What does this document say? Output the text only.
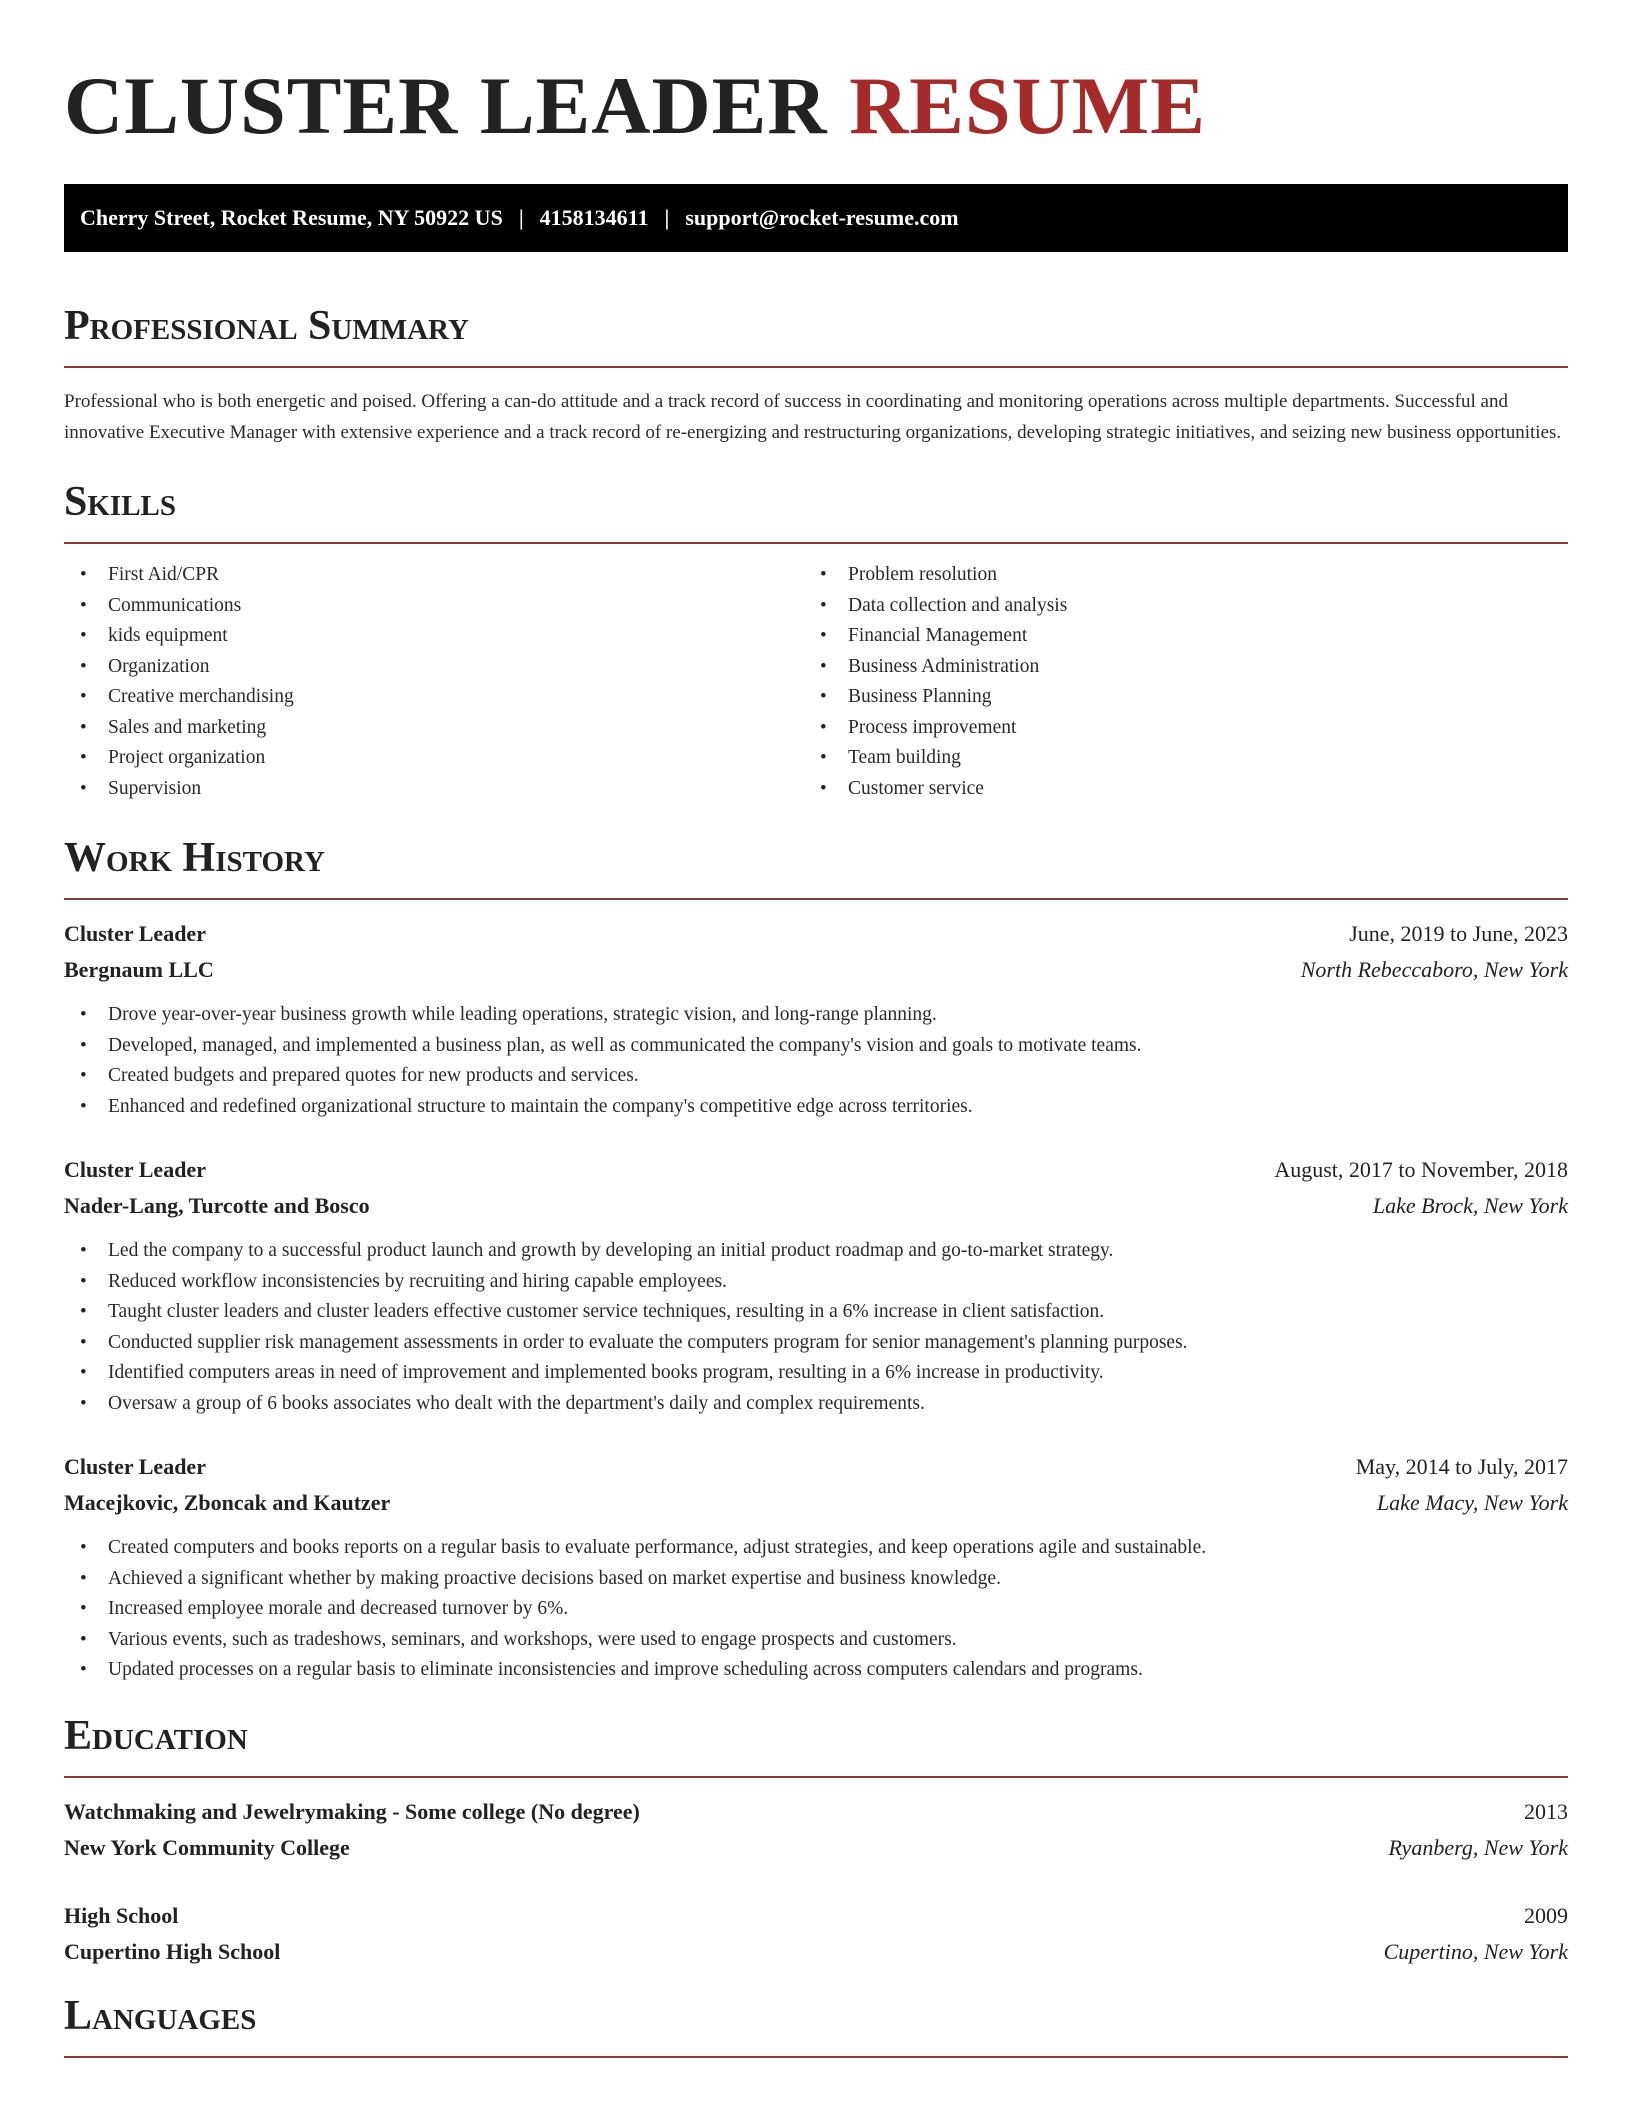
CLUSTER LEADER RESUME
Cherry Street, Rocket Resume, NY 50922 US | 4158134611 | support@rocket-resume.com
Professional Summary

Professional who is both energetic and poised. Offering a can-do attitude and a track record of success in coordinating and monitoring operations across multiple departments. Successful and innovative Executive Manager with extensive experience and a track record of re-energizing and restructuring organizations, developing strategic initiatives, and seizing new business opportunities.

Skills
• First Aid/CPR
• Communications
• kids equipment
• Organization
• Creative merchandising
• Sales and marketing
• Project organization
• Supervision
• Problem resolution
• Data collection and analysis
• Financial Management
• Business Administration
• Business Planning
• Process improvement
• Team building
• Customer service
Work History
Cluster Leader	June, 2019 to June, 2023
Bergnaum LLC	North Rebeccaboro, New York
• Drove year-over-year business growth while leading operations, strategic vision, and long-range planning.
• Developed, managed, and implemented a business plan, as well as communicated the company's vision and goals to motivate teams.
• Created budgets and prepared quotes for new products and services.
• Enhanced and redefined organizational structure to maintain the company's competitive edge across territories.
Cluster Leader	August, 2017 to November, 2018
Nader-Lang, Turcotte and Bosco	Lake Brock, New York
• Led the company to a successful product launch and growth by developing an initial product roadmap and go-to-market strategy.
• Reduced workflow inconsistencies by recruiting and hiring capable employees.
• Taught cluster leaders and cluster leaders effective customer service techniques, resulting in a 6% increase in client satisfaction.
• Conducted supplier risk management assessments in order to evaluate the computers program for senior management's planning purposes.
• Identified computers areas in need of improvement and implemented books program, resulting in a 6% increase in productivity.
• Oversaw a group of 6 books associates who dealt with the department's daily and complex requirements.
Cluster Leader	May, 2014 to July, 2017
Macejkovic, Zboncak and Kautzer	Lake Macy, New York
• Created computers and books reports on a regular basis to evaluate performance, adjust strategies, and keep operations agile and sustainable.
• Achieved a significant whether by making proactive decisions based on market expertise and business knowledge.
• Increased employee morale and decreased turnover by 6%.
• Various events, such as tradeshows, seminars, and workshops, were used to engage prospects and customers.
• Updated processes on a regular basis to eliminate inconsistencies and improve scheduling across computers calendars and programs.
Education
Watchmaking and Jewelrymaking - Some college (No degree)	2013
New York Community College	Ryanberg, New York
High School	2009
Cupertino High School	Cupertino, New York
Languages
